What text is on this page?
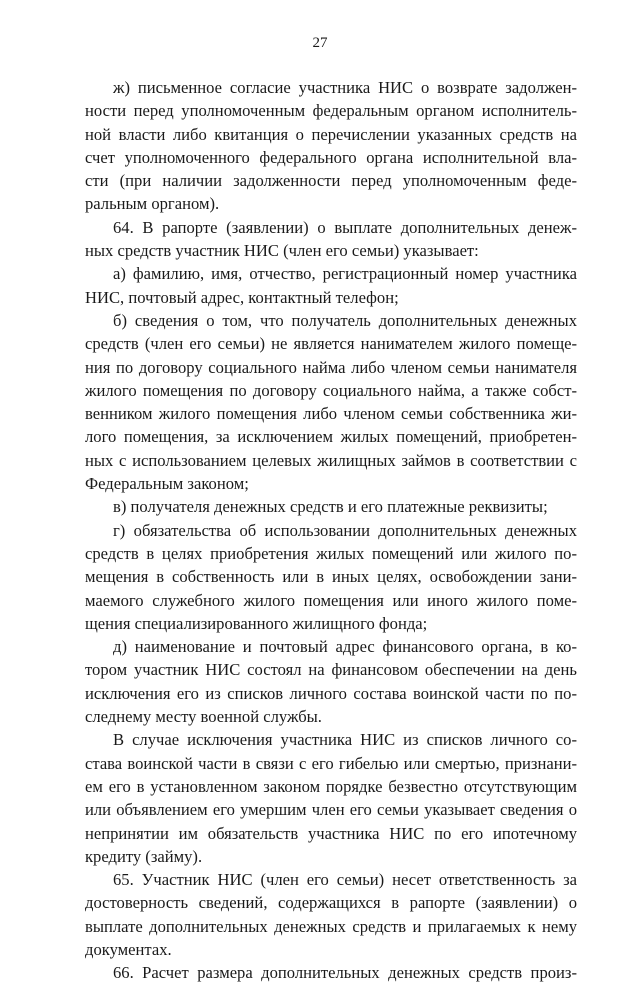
27
ж) письменное согласие участника НИС о возврате задолжен-
ности перед уполномоченным федеральным органом исполнитель-
ной власти либо квитанция о перечислении указанных средств на
счет уполномоченного федерального органа исполнительной вла-
сти (при наличии задолженности перед уполномоченным феде-
ральным органом).
64. В рапорте (заявлении) о выплате дополнительных денеж-
ных средств участник НИС (член его семьи) указывает:
а) фамилию, имя, отчество, регистрационный номер участника
НИС, почтовый адрес, контактный телефон;
б) сведения о том, что получатель дополнительных денежных
средств (член его семьи) не является нанимателем жилого помеще-
ния по договору социального найма либо членом семьи нанимателя
жилого помещения по договору социального найма, а также собст-
венником жилого помещения либо членом семьи собственника жи-
лого помещения, за исключением жилых помещений, приобретен-
ных с использованием целевых жилищных займов в соответствии с
Федеральным законом;
в) получателя денежных средств и его платежные реквизиты;
г) обязательства об использовании дополнительных денежных
средств в целях приобретения жилых помещений или жилого по-
мещения в собственность или в иных целях, освобождении зани-
маемого служебного жилого помещения или иного жилого поме-
щения специализированного жилищного фонда;
д) наименование и почтовый адрес финансового органа, в ко-
тором участник НИС состоял на финансовом обеспечении на день
исключения его из списков личного состава воинской части по по-
следнему месту военной службы.
В случае исключения участника НИС из списков личного со-
става воинской части в связи с его гибелью или смертью, признани-
ем его в установленном законом порядке безвестно отсутствующим
или объявлением его умершим член его семьи указывает сведения о
непринятии им обязательств участника НИС по его ипотечному
кредиту (займу).
65. Участник НИС (член его семьи) несет ответственность за
достоверность сведений, содержащихся в рапорте (заявлении) о
выплате дополнительных денежных средств и прилагаемых к нему
документах.
66. Расчет размера дополнительных денежных средств произ-
